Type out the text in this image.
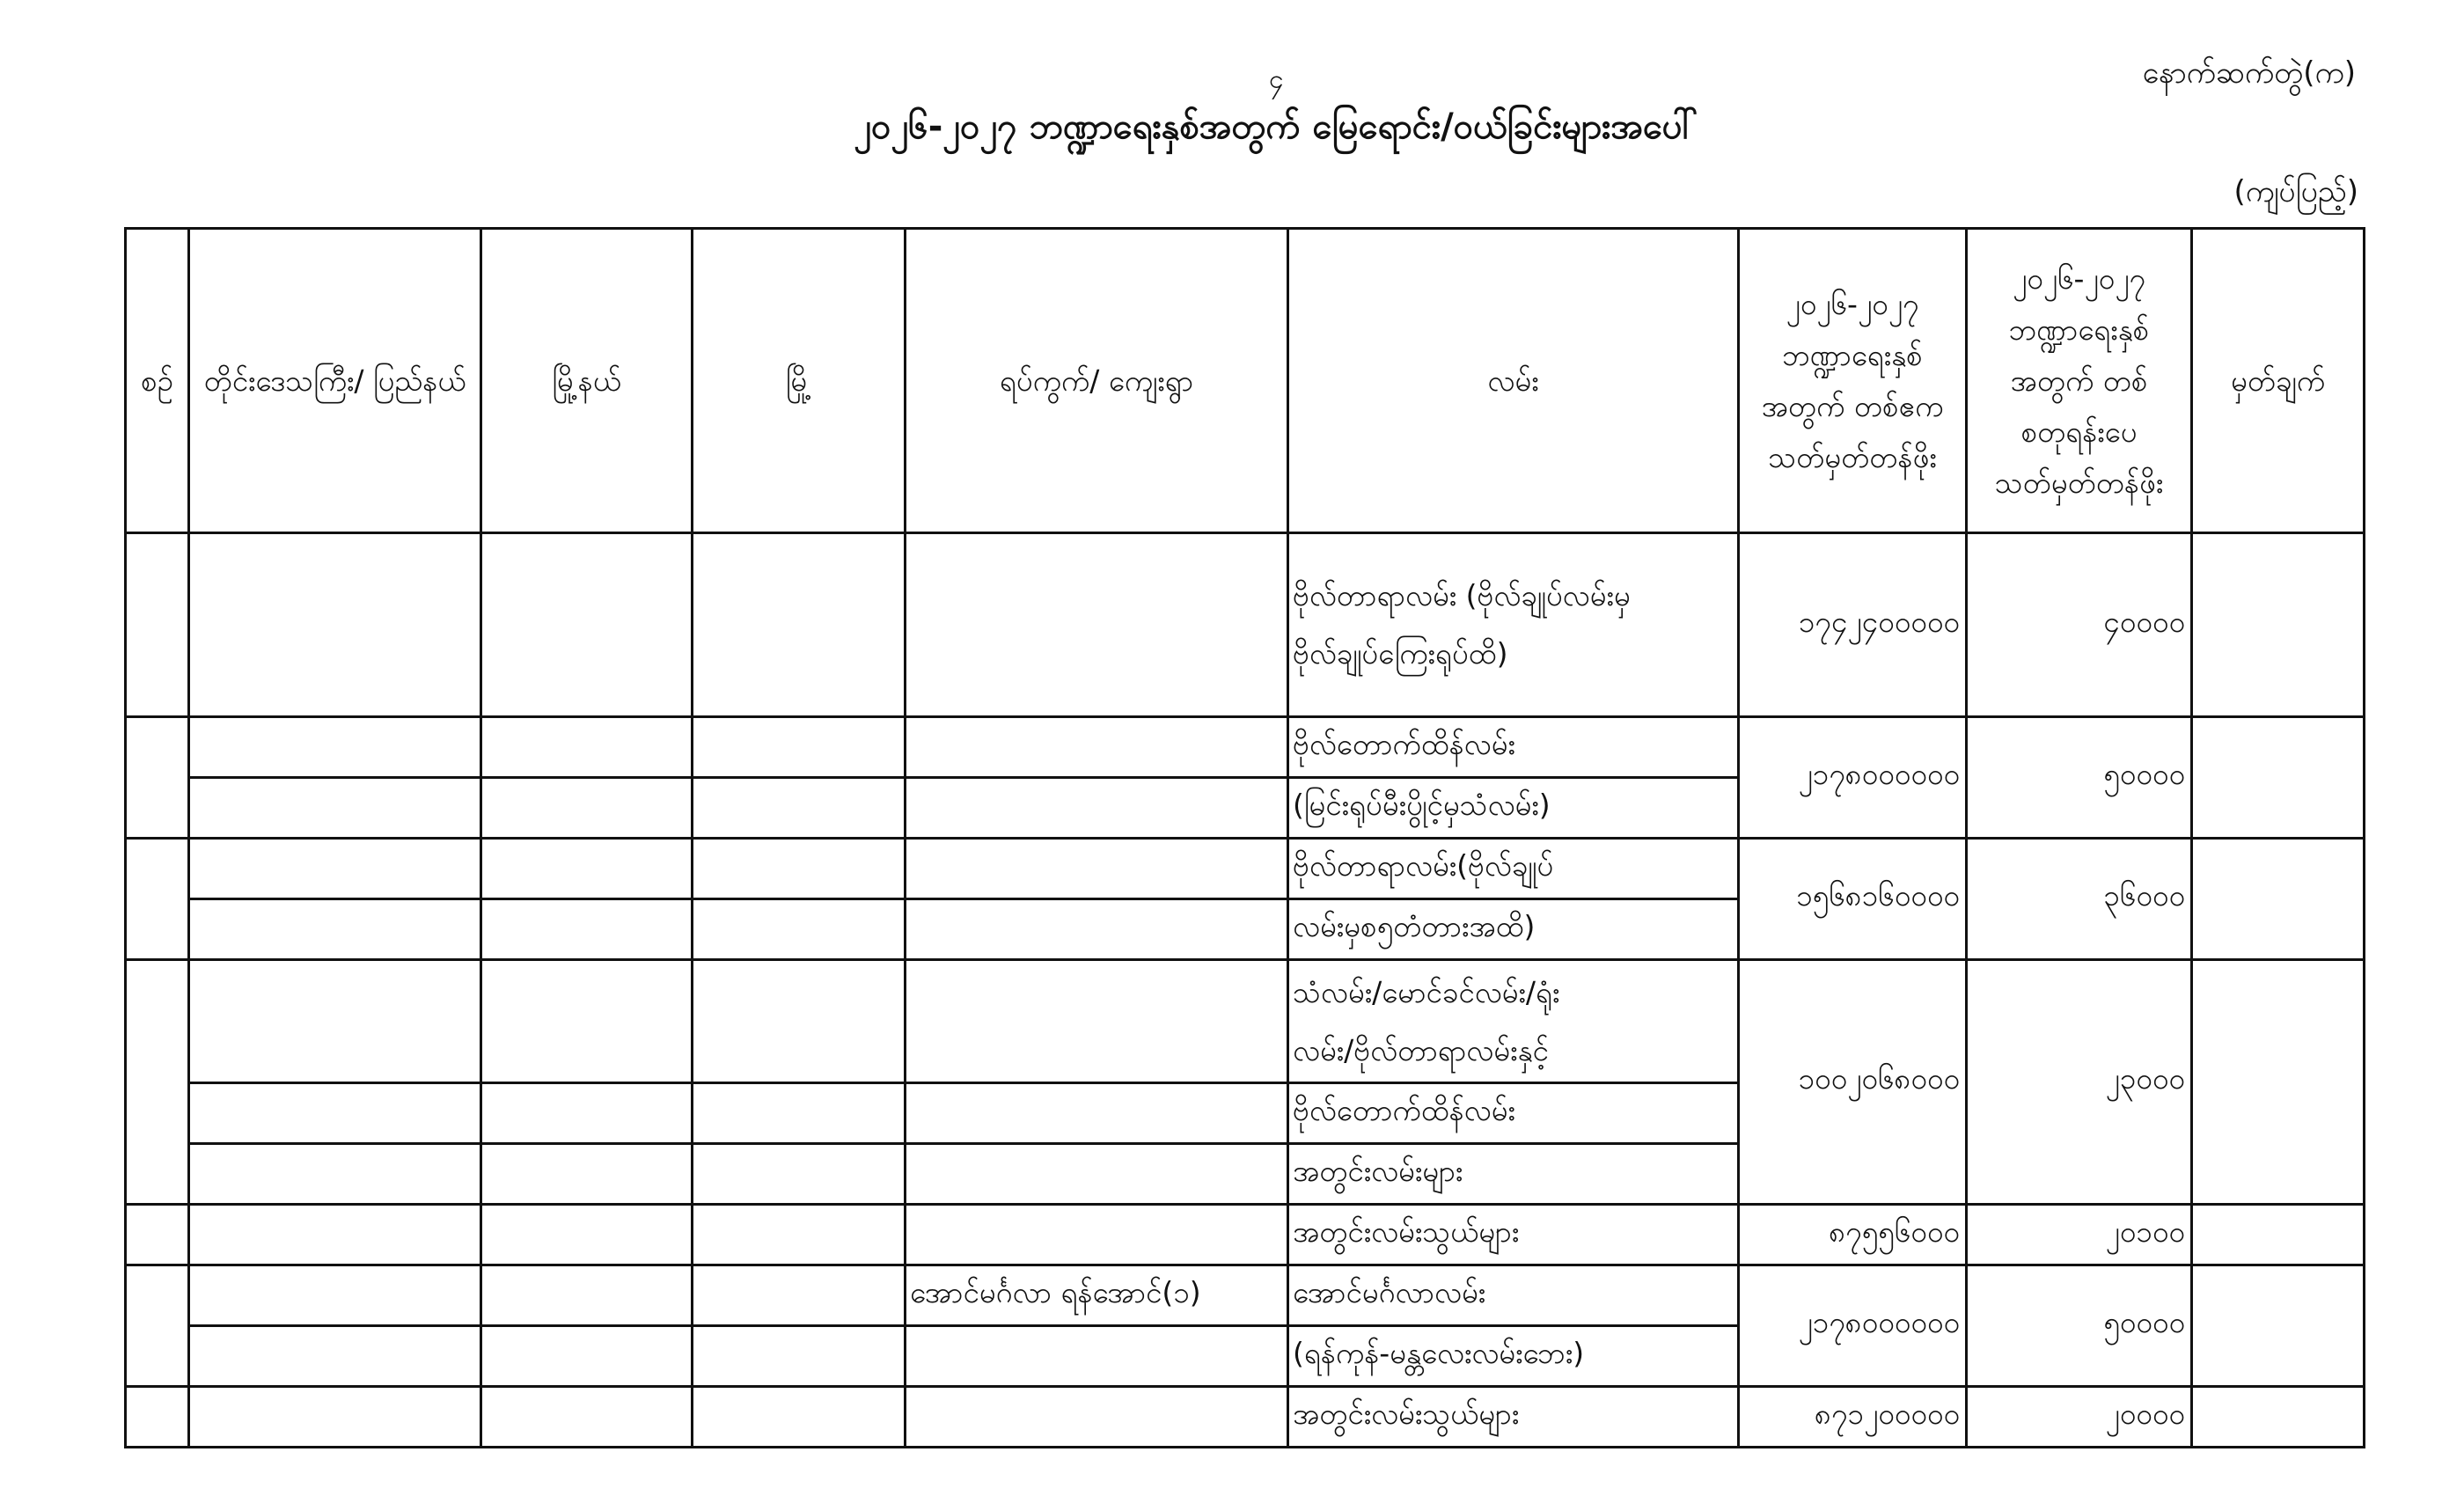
၄	နောက်ဆက်တွဲ(က)
၂၀၂၆-၂၀၂၇ ဘဏ္ဍာရေးနှစ်အတွက် မြေရောင်း/ဝယ်ခြင်းများအပေါ်
(ကျပ်ပြည့်)
စဉ်	တိုင်းဒေသကြီး/ ပြည်နယ်	မြို့နယ်	မြို့	ရပ်ကွက်/ ကျေးရွာ	လမ်း	၂၀၂၆-၂၀၂၇ ဘဏ္ဍာရေးနှစ် အတွက် တစ်ဧက သတ်မှတ်တန်ဖိုး	၂၀၂၆-၂၀၂၇ ဘဏ္ဍာရေးနှစ် အတွက် တစ်စတုရန်းပေ သတ်မှတ်တန်ဖိုး	မှတ်ချက်

					ဗိုလ်တာရာလမ်း (ဗိုလ်ချုပ်လမ်းမှ
ဗိုလ်ချုပ်ကြေးရုပ်ထိ)	၁၇၄၂၄၀၀၀၀၀	၄၀၀၀၀	
					ဗိုလ်တောက်ထိန်လမ်း	၂၁၇၈၀၀၀၀၀၀	၅၀၀၀၀	
					(မြင်းရုပ်မီးပွိုင့်မှသံလမ်း)			
					ဗိုလ်တာရာလမ်း(ဗိုလ်ချုပ်	၁၅၆၈၁၆၀၀၀၀	၃၆၀၀၀	
					လမ်းမှစ၅တံတားအထိ)			

					သံလမ်း/မောင်ခင်လမ်း/ရုံး
လမ်း/ဗိုလ်တာရာလမ်းနှင့်	၁၀၀၂၀၆၈၀၀၀	၂၃၀၀၀	
					ဗိုလ်တောက်ထိန်လမ်း			
					အတွင်းလမ်းများ			
					အတွင်းလမ်းသွယ်များ	၈၇၅၅၆၀၀၀	၂၀၁၀၀	
				အောင်မင်္ဂလာ ရန်အောင်(၁)	အောင်မင်္ဂလာလမ်း	၂၁၇၈၀၀၀၀၀၀	၅၀၀၀၀	
					(ရန်ကုန်-မန္တလေးလမ်းဘေး)			
					အတွင်းလမ်းသွယ်များ	၈၇၁၂၀၀၀၀၀	၂၀၀၀၀	
